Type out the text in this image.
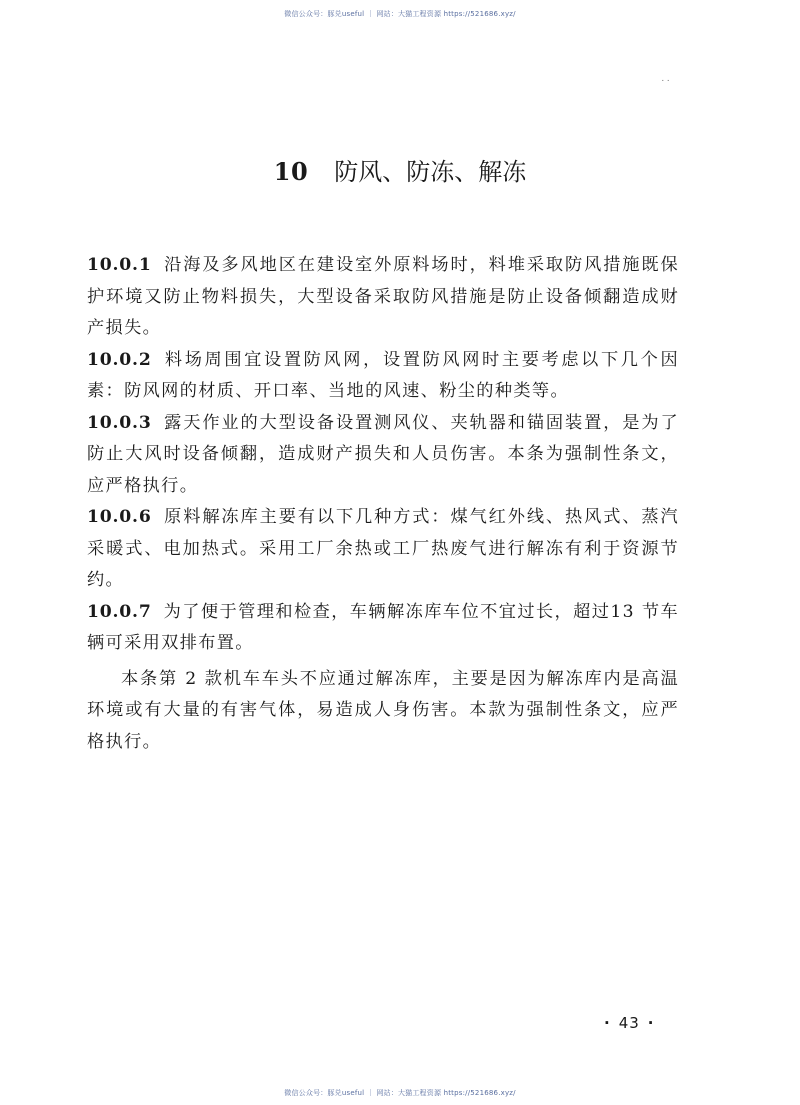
微信公众号：豚兑useful ｜ 网站：大猫工程资源 https://521686.xyz/
˙˙
10 防风、防冻、解冻

10.0.1 沿海及多风地区在建设室外原料场时，料堆采取防风措施既保护环境又防止物料损失，大型设备采取防风措施是防止设备倾翻造成财产损失。

10.0.2 料场周围宜设置防风网，设置防风网时主要考虑以下几个因素：防风网的材质、开口率、当地的风速、粉尘的种类等。

10.0.3 露天作业的大型设备设置测风仪、夹轨器和锚固装置，是为了防止大风时设备倾翻，造成财产损失和人员伤害。本条为强制性条文，应严格执行。

10.0.6 原料解冻库主要有以下几种方式：煤气红外线、热风式、蒸汽采暖式、电加热式。采用工厂余热或工厂热废气进行解冻有利于资源节约。

10.0.7 为了便于管理和检查，车辆解冻库车位不宜过长，超过13 节车辆可采用双排布置。

本条第 2 款机车车头不应通过解冻库，主要是因为解冻库内是高温环境或有大量的有害气体，易造成人身伤害。本款为强制性条文，应严格执行。

· 43 ·
微信公众号：豚兑useful ｜ 网站：大猫工程资源 https://521686.xyz/
